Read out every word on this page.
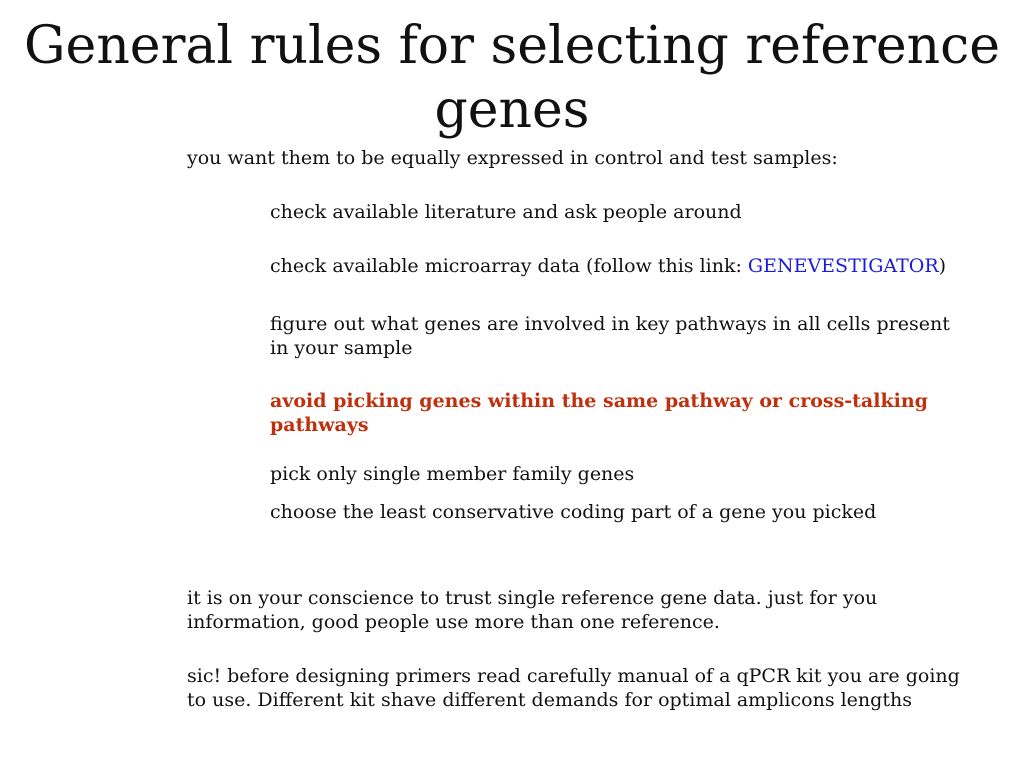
General rules for selecting reference genes

you want them to be equally expressed in control and test samples:

check available literature and ask people around

check available microarray data (follow this link: GENEVESTIGATOR)

figure out what genes are involved in key pathways in all cells present in your sample

avoid picking genes within the same pathway or cross-talking pathways

pick only single member family genes

choose the least conservative coding part of a gene you picked

it is on your conscience to trust single reference gene data. just for you information, good people use more than one reference.

sic! before designing primers read carefully manual of a qPCR kit you are going to use. Different kit shave different demands for optimal amplicons lengths
